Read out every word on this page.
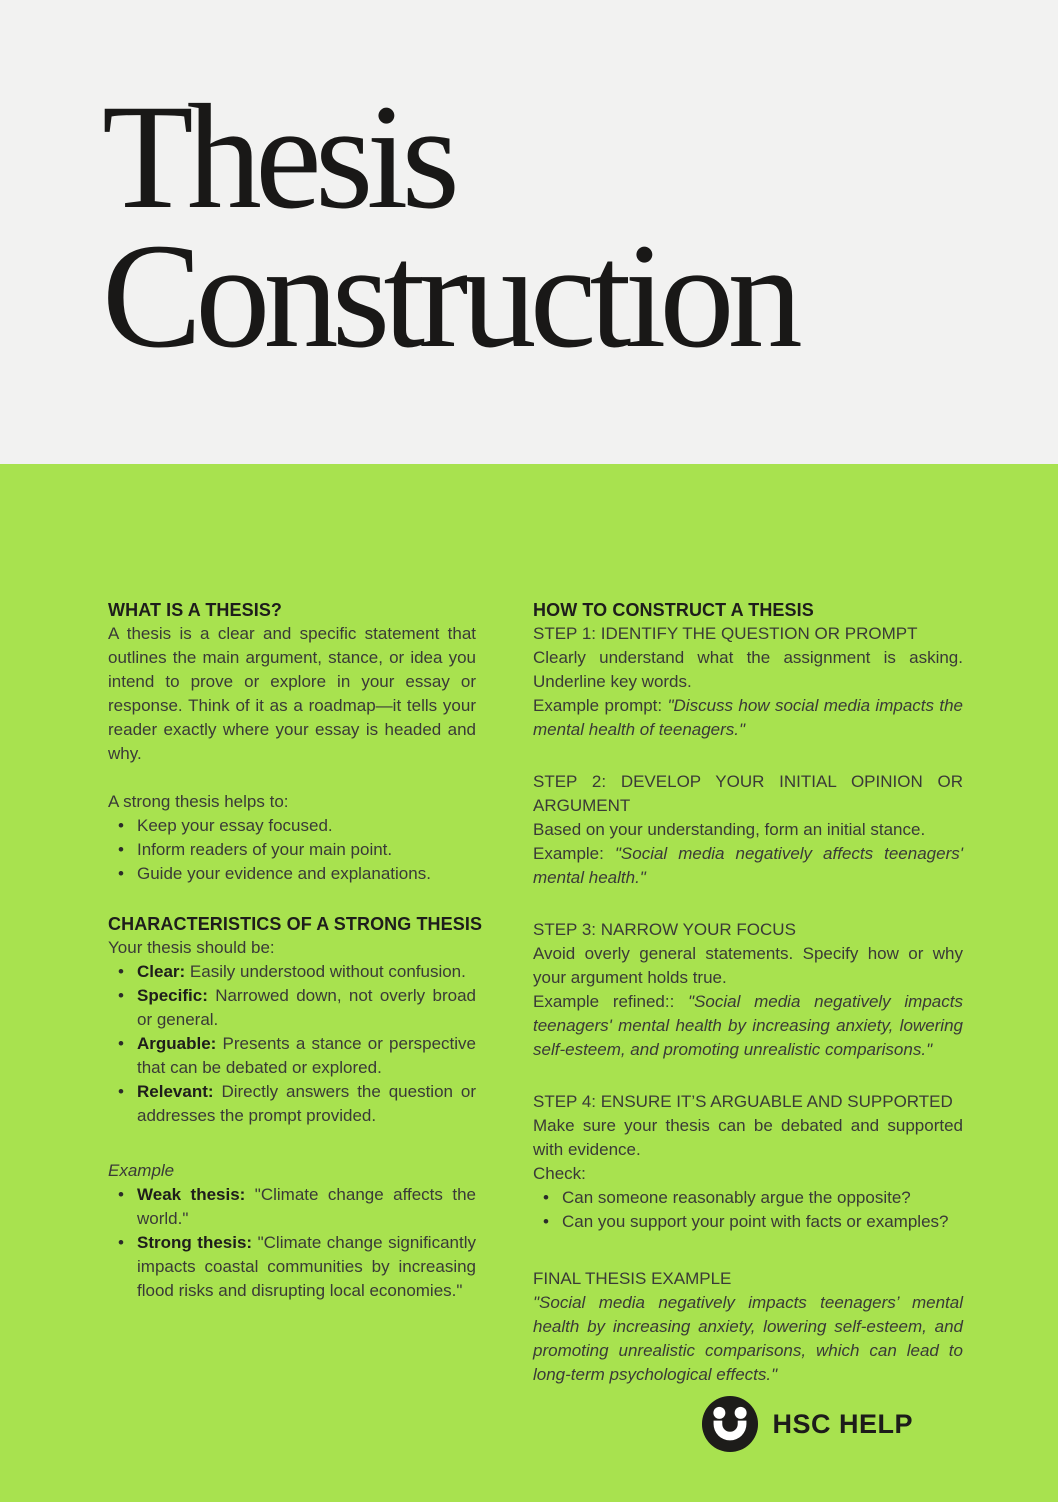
Thesis
Construction

WHAT IS A THESIS?

A thesis is a clear and specific statement that outlines the main argument, stance, or idea you intend to prove or explore in your essay or response. Think of it as a roadmap—it tells your reader exactly where your essay is headed and why.

A strong thesis helps to:

• Keep your essay focused.
• Inform readers of your main point.
• Guide your evidence and explanations.

CHARACTERISTICS OF A STRONG THESIS

Your thesis should be:

• Clear: Easily understood without confusion.
• Specific: Narrowed down, not overly broad or general.
• Arguable: Presents a stance or perspective that can be debated or explored.
• Relevant: Directly answers the question or addresses the prompt provided.

Example

• Weak thesis: "Climate change affects the world."
• Strong thesis: "Climate change significantly impacts coastal communities by increasing flood risks and disrupting local economies."

HOW TO CONSTRUCT A THESIS

STEP 1: IDENTIFY THE QUESTION OR PROMPT

Clearly understand what the assignment is asking. Underline key words.

Example prompt: "Discuss how social media impacts the mental health of teenagers."

STEP 2: DEVELOP YOUR INITIAL OPINION OR ARGUMENT

Based on your understanding, form an initial stance.

Example: "Social media negatively affects teenagers' mental health."

STEP 3: NARROW YOUR FOCUS

Avoid overly general statements. Specify how or why your argument holds true.

Example refined:: "Social media negatively impacts teenagers' mental health by increasing anxiety, lowering self-esteem, and promoting unrealistic comparisons."

STEP 4: ENSURE IT’S ARGUABLE AND SUPPORTED

Make sure your thesis can be debated and supported with evidence.

Check:

• Can someone reasonably argue the opposite?
• Can you support your point with facts or examples?

FINAL THESIS EXAMPLE

"Social media negatively impacts teenagers’ mental health by increasing anxiety, lowering self-esteem, and promoting unrealistic comparisons, which can lead to long-term psychological effects."

HSC HELP
